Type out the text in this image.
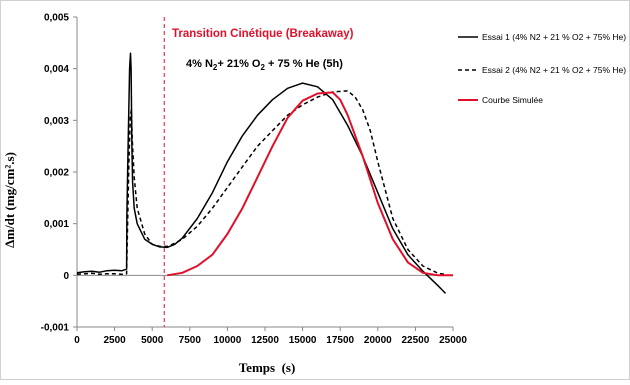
-0,001
0
0,001
0,002
0,003
0,004
0,005
0 2500 5000 7500 10000 12500 15000 17500 20000 22500 25000
Δm/dt (mg/cm².s)
Temps  (s)
Transition Cinétique (Breakaway)
4% $N_2+ 21\%$ $O_2 + 75$ % He (5h)
Essai 1 (4% N2 + 21 % O2 + 75% He)
Essai 2 (4% N2 + 21 % O2 + 75% He)
Courbe Simulée
